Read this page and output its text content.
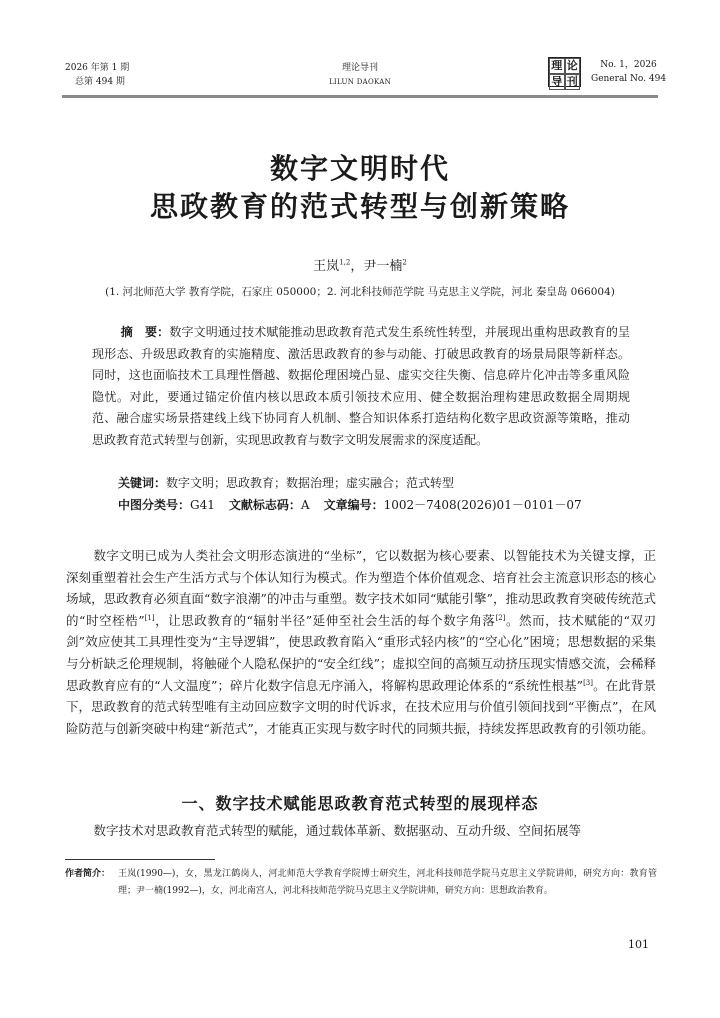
2026 年第 1 期
总第 494 期
理论导刊
LILUN DAOKAN
理 论
导 刊
No. 1，2026
General No. 494
数字文明时代
思政教育的范式转型与创新策略
王岚$^{1,2}$，尹一楠$^2$
(1. 河北师范大学 教育学院，石家庄 050000；2. 河北科技师范学院 马克思主义学院，河北 秦皇岛 066004)
摘　要：数字文明通过技术赋能推动思政教育范式发生系统性转型，并展现出重构思政教育的呈现形态、升级思政教育的实施精度、激活思政教育的参与动能、打破思政教育的场景局限等新样态。同时，这也面临技术工具理性僭越、数据伦理困境凸显、虚实交往失衡、信息碎片化冲击等多重风险隐忧。对此，要通过锚定价值内核以思政本质引领技术应用、健全数据治理构建思政数据全周期规范、融合虚实场景搭建线上线下协同育人机制、整合知识体系打造结构化数字思政资源等策略，推动思政教育范式转型与创新，实现思政教育与数字文明发展需求的深度适配。
关键词：数字文明；思政教育；数据治理；虚实融合；范式转型
中图分类号：G41 文献标志码：A 文章编号：1002－7408(2026)01－0101－07
数字文明已成为人类社会文明形态演进的“坐标”，它以数据为核心要素、以智能技术为关键支撑，正深刻重塑着社会生产生活方式与个体认知行为模式。作为塑造个体价值观念、培育社会主流意识形态的核心场域，思政教育必须直面“数字浪潮”的冲击与重塑。数字技术如同“赋能引擎”，推动思政教育突破传统范式的“时空桎梏”[1]，让思政教育的“辐射半径”延伸至社会生活的每个数字角落[2]。然而，技术赋能的“双刃剑”效应使其工具理性变为“主导逻辑”，使思政教育陷入“重形式轻内核”的“空心化”困境；思想数据的采集与分析缺乏伦理规制，将触碰个人隐私保护的“安全红线”；虚拟空间的高频互动挤压现实情感交流，会稀释思政教育应有的“人文温度”；碎片化数字信息无序涌入，将解构思政理论体系的“系统性根基”[3]。在此背景下，思政教育的范式转型唯有主动回应数字文明的时代诉求，在技术应用与价值引领间找到“平衡点”，在风险防范与创新突破中构建“新范式”，才能真正实现与数字时代的同频共振，持续发挥思政教育的引领功能。
一、数字技术赋能思政教育范式转型的展现样态
数字技术对思政教育范式转型的赋能，通过载体革新、数据驱动、互动升级、空间拓展等
作者简介： 王岚(1990—)，女，黑龙江鹤岗人，河北师范大学教育学院博士研究生，河北科技师范学院马克思主义学院讲师，研究方向：教育管理；尹一楠(1992—)，女，河北南宫人，河北科技师范学院马克思主义学院讲师，研究方向：思想政治教育。
101
